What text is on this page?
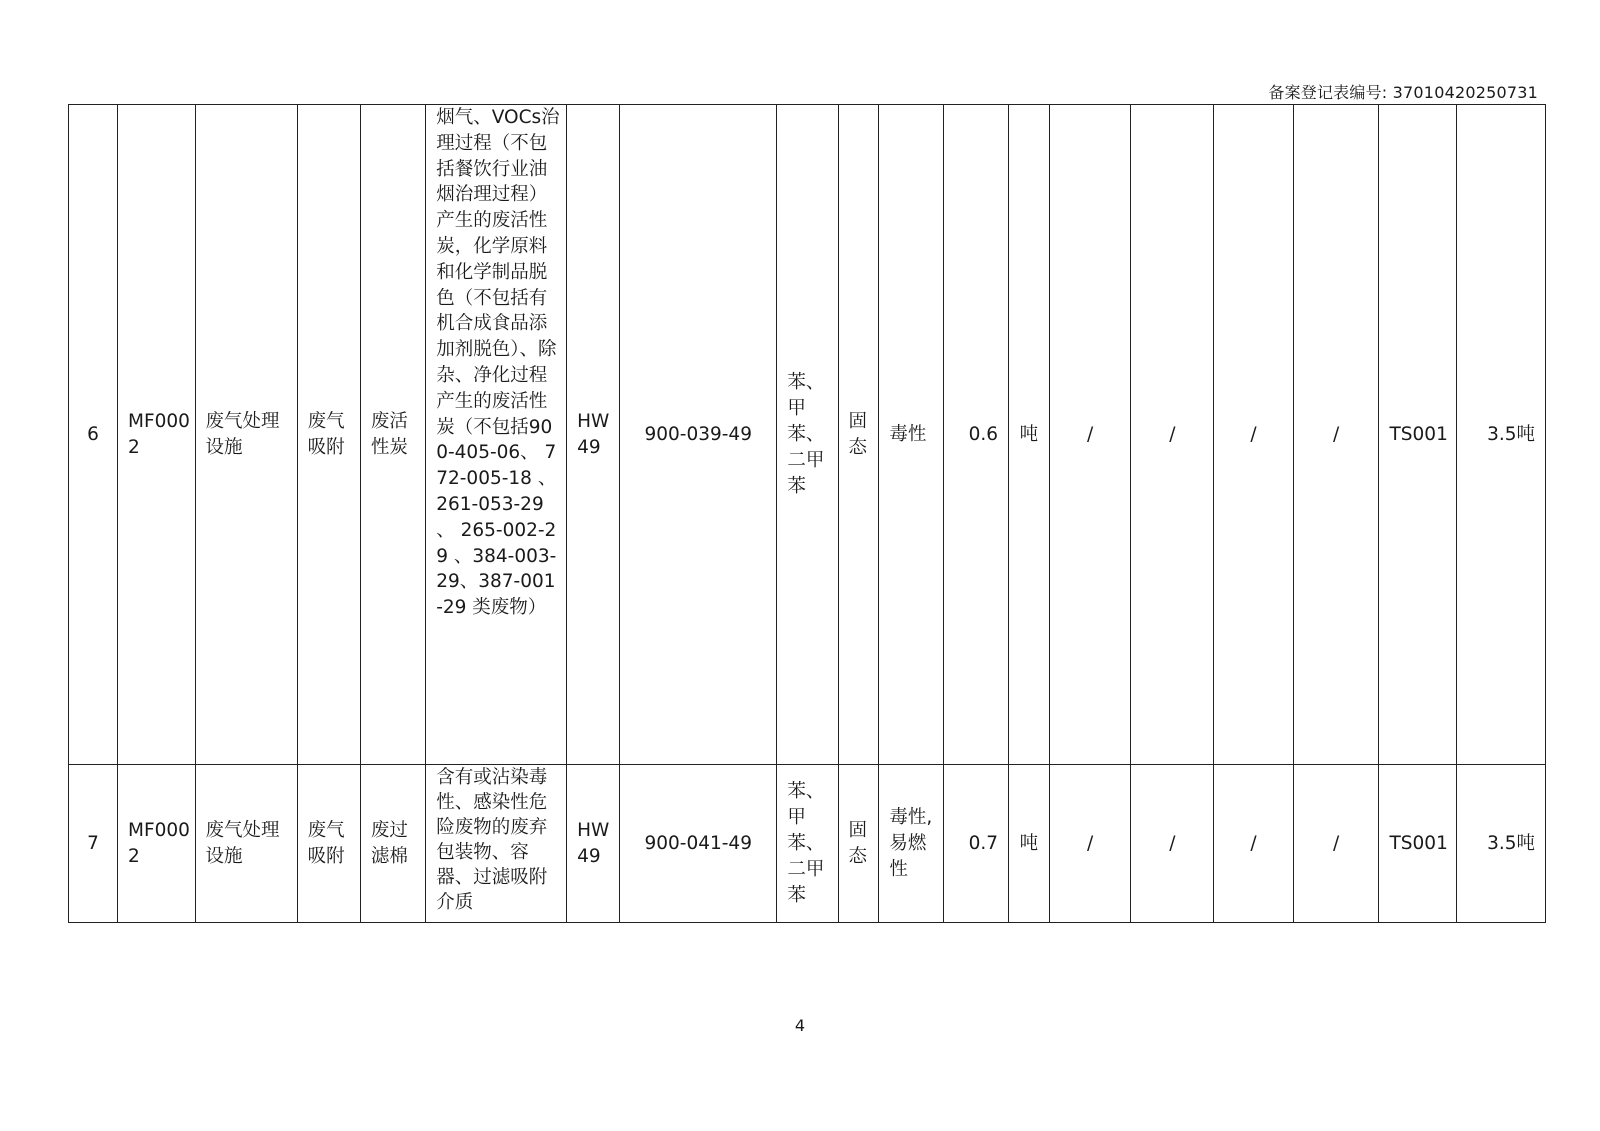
备案登记表编号: 37010420250731
6	MF0002	废气处理设施	废气吸附	废活性炭	烟气、VOCs治理过程（不包括餐饮行业油烟治理过程）产生的废活性炭，化学原料和化学制品脱色（不包括有机合成食品添加剂脱色）、除杂、净化过程产生的废活性炭（不包括900-405-06、 772-005-18 、261-053-29 、 265-002-29 、384-003-29、387-001-29 类废物）	HW49	900-039-49	苯、甲苯、二甲苯	固态	毒性	0.6	吨	/	/	/	/	TS001	3.5吨
7	MF0002	废气处理设施	废气吸附	废过滤棉	含有或沾染毒性、感染性危险废物的废弃包装物、容器、过滤吸附介质	HW49	900-041-49	苯、甲苯、二甲苯	固态	毒性,易燃性	0.7	吨	/	/	/	/	TS001	3.5吨
4
